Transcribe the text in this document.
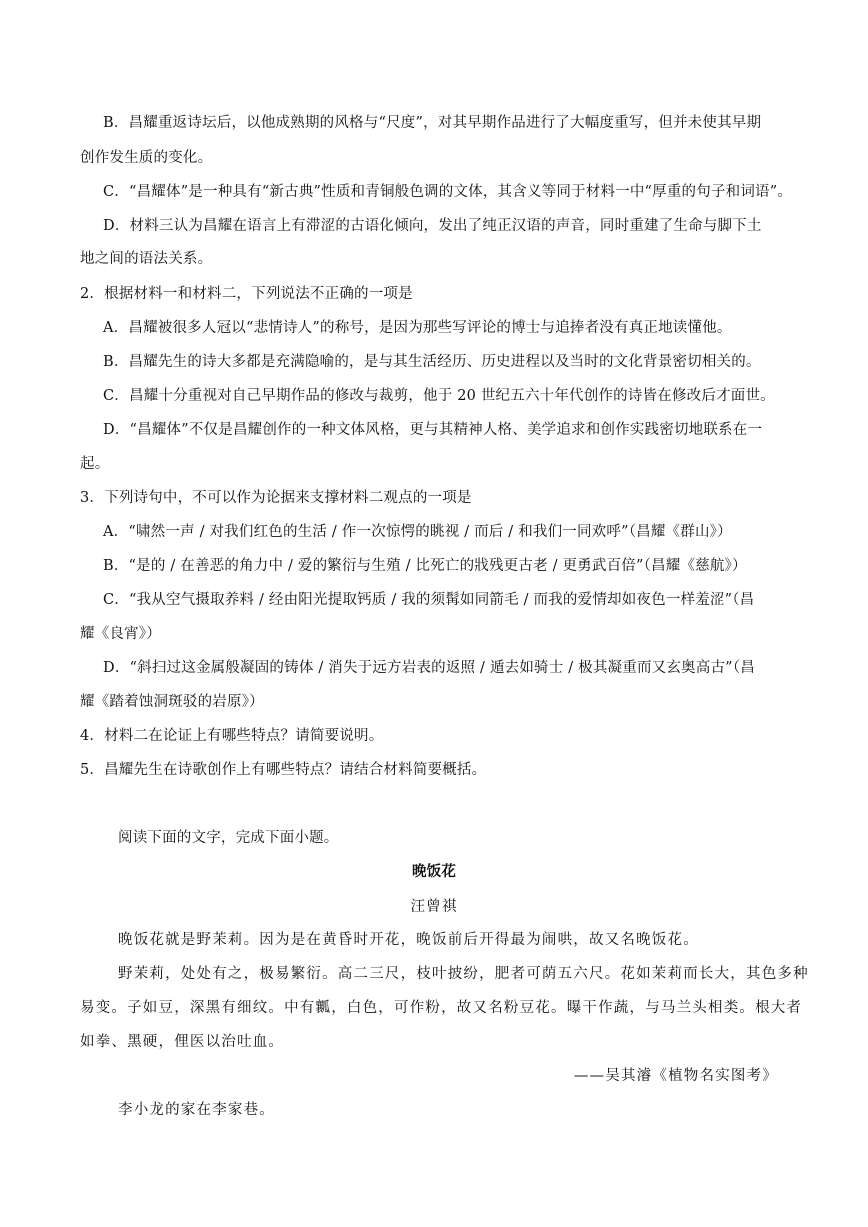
B．昌耀重返诗坛后，以他成熟期的风格与“尺度”，对其早期作品进行了大幅度重写，但并未使其早期
创作发生质的变化。
C．“昌耀体”是一种具有“新古典”性质和青铜般色调的文体，其含义等同于材料一中“厚重的句子和词语”。
D．材料三认为昌耀在语言上有滞涩的古语化倾向，发出了纯正汉语的声音，同时重建了生命与脚下土
地之间的语法关系。
2．根据材料一和材料二，下列说法不正确的一项是
A．昌耀被很多人冠以“悲情诗人”的称号，是因为那些写评论的博士与追捧者没有真正地读懂他。
B．昌耀先生的诗大多都是充满隐喻的，是与其生活经历、历史进程以及当时的文化背景密切相关的。
C．昌耀十分重视对自己早期作品的修改与裁剪，他于 20 世纪五六十年代创作的诗皆在修改后才面世。
D．“昌耀体”不仅是昌耀创作的一种文体风格，更与其精神人格、美学追求和创作实践密切地联系在一
起。
3．下列诗句中，不可以作为论据来支撑材料二观点的一项是
A．“啸然一声 / 对我们红色的生活 / 作一次惊愕的眺视 / 而后 / 和我们一同欢呼”（昌耀《群山》）
B．“是的 / 在善恶的角力中 / 爱的繁衍与生殖 / 比死亡的戕残更古老 / 更勇武百倍”（昌耀《慈航》）
C．“我从空气摄取养料 / 经由阳光提取钙质 / 我的须髯如同箭毛 / 而我的爱情却如夜色一样羞涩”（昌
耀《良宵》）
D．“斜扫过这金属般凝固的铸体 / 消失于远方岩表的返照 / 遁去如骑士 / 极其凝重而又玄奥高古”（昌
耀《踏着蚀洞斑驳的岩原》）
4．材料二在论证上有哪些特点？请简要说明。
5．昌耀先生在诗歌创作上有哪些特点？请结合材料简要概括。
阅读下面的文字，完成下面小题。
晚饭花
汪曾祺
晚饭花就是野茉莉。因为是在黄昏时开花，晚饭前后开得最为闹哄，故又名晚饭花。
野茉莉，处处有之，极易繁衍。高二三尺，枝叶披纷，肥者可荫五六尺。花如茉莉而长大，其色多种
易变。子如豆，深黑有细纹。中有瓤，白色，可作粉，故又名粉豆花。曝干作蔬，与马兰头相类。根大者
如拳、黑硬，俚医以治吐血。
——吴其濬《植物名实图考》
李小龙的家在李家巷。
